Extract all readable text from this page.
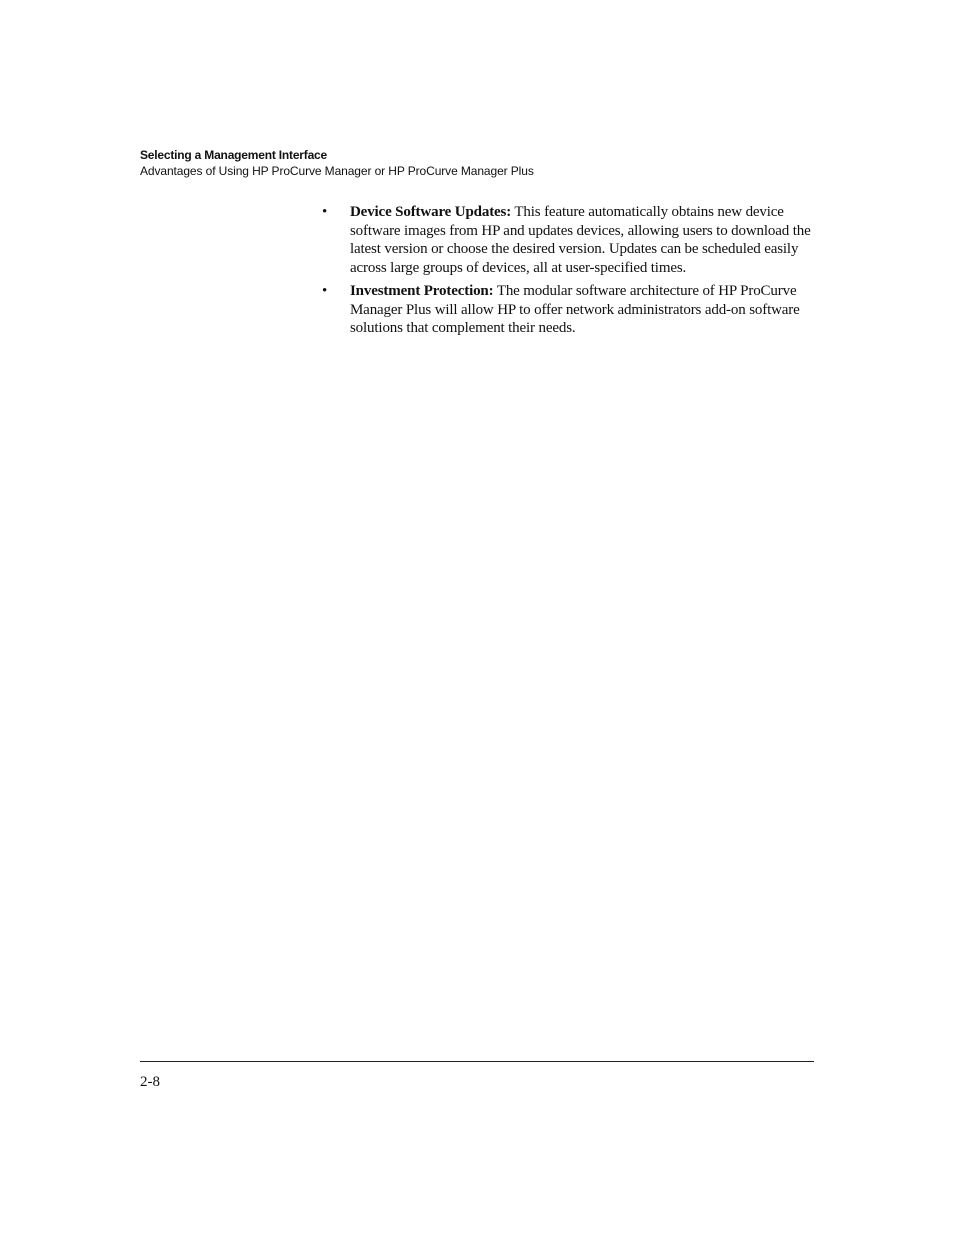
Selecting a Management Interface
Advantages of Using HP ProCurve Manager or HP ProCurve Manager Plus
•	Device Software Updates: This feature automatically obtains new device software images from HP and updates devices, allowing users to download the latest version or choose the desired version. Updates can be scheduled easily across large groups of devices, all at user-specified times.
•	Investment Protection: The modular software architecture of HP ProCurve Manager Plus will allow HP to offer network administrators add-on software solutions that complement their needs.
2-8
